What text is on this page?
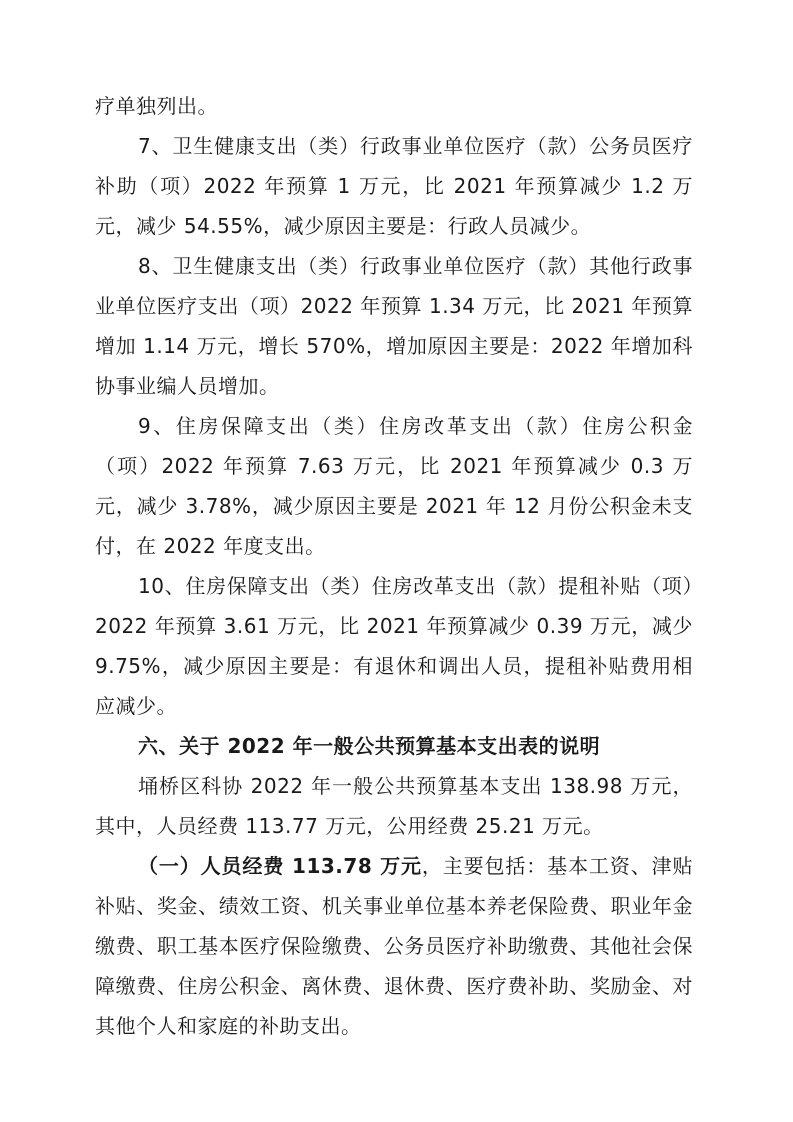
疗单独列出。

7、卫生健康支出（类）行政事业单位医疗（款）公务员医疗补助（项）2022 年预算 1 万元，比 2021 年预算减少 1.2 万元，减少 54.55%，减少原因主要是：行政人员减少。

8、卫生健康支出（类）行政事业单位医疗（款）其他行政事业单位医疗支出（项）2022 年预算 1.34 万元，比 2021 年预算增加 1.14 万元，增长 570%，增加原因主要是：2022 年增加科协事业编人员增加。

9、住房保障支出（类）住房改革支出（款）住房公积金（项）2022 年预算 7.63 万元，比 2021 年预算减少 0.3 万元，减少 3.78%，减少原因主要是 2021 年 12 月份公积金未支付，在 2022 年度支出。

10、住房保障支出（类）住房改革支出（款）提租补贴（项）2022 年预算 3.61 万元，比 2021 年预算减少 0.39 万元，减少 9.75%，减少原因主要是：有退休和调出人员，提租补贴费用相应减少。

六、关于 2022 年一般公共预算基本支出表的说明

埇桥区科协 2022 年一般公共预算基本支出 138.98 万元，其中，人员经费 113.77 万元，公用经费 25.21 万元。

（一）人员经费 113.78 万元，主要包括：基本工资、津贴补贴、奖金、绩效工资、机关事业单位基本养老保险费、职业年金缴费、职工基本医疗保险缴费、公务员医疗补助缴费、其他社会保障缴费、住房公积金、离休费、退休费、医疗费补助、奖励金、对其他个人和家庭的补助支出。
